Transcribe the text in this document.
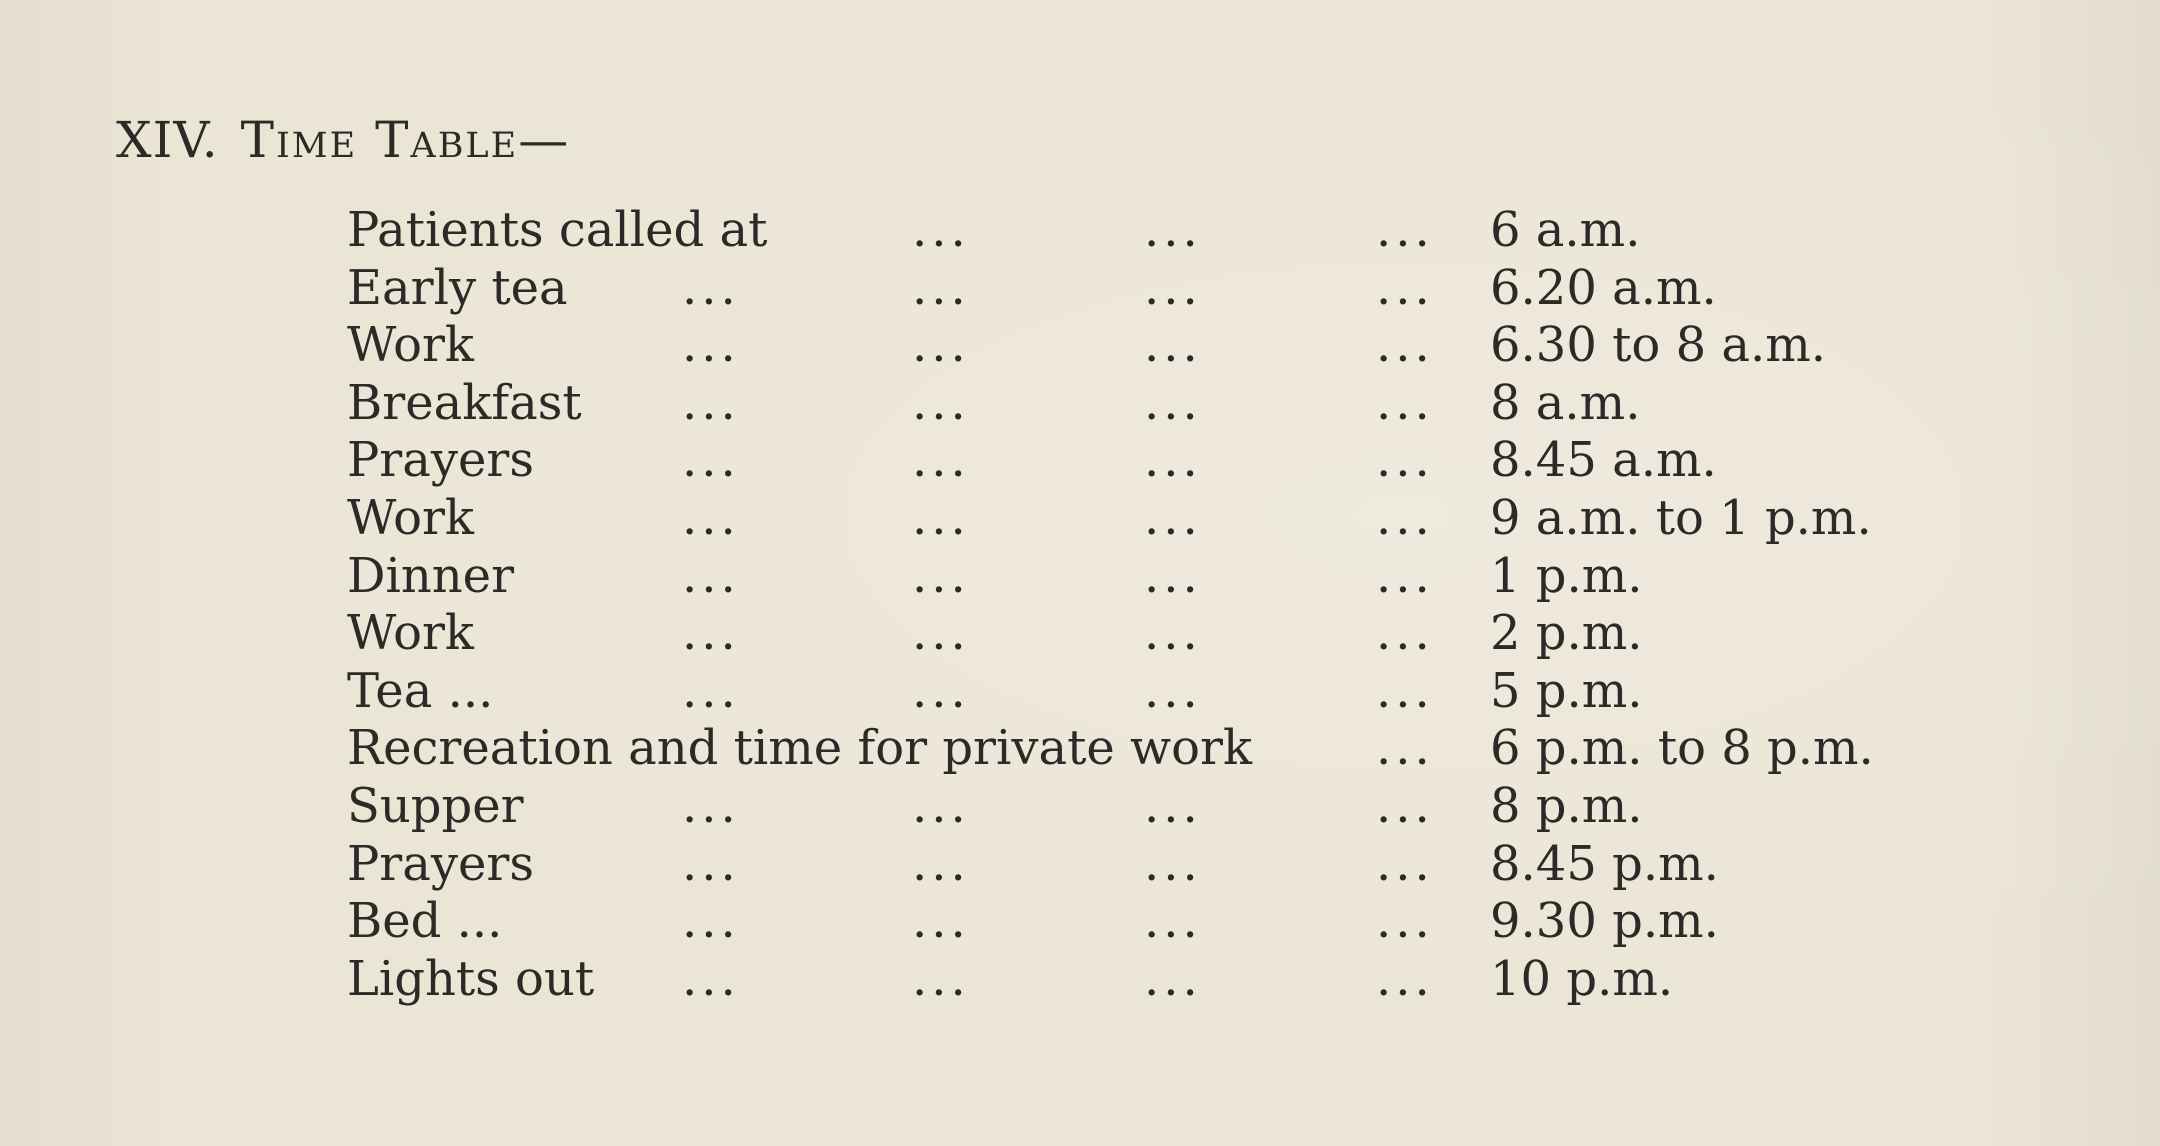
XIV. Time Table—
Patients called at	...	...	... 6 a.m.
Early tea ...	...	...	... 6.20 a.m.
Work	...	...	...	... 6.30 to 8 a.m.
Breakfast ...	...	...	... 8 a.m.
Prayers	...	...	...	... 8.45 a.m.
Work	...	...	...	... 9 a.m. to 1 p.m.
Dinner	...	...	...	... 1 p.m.
Work	...	...	...	... 2 p.m.
Tea ...	...	...	...	... 5 p.m.
Recreation and time for private work	... 6 p.m. to 8 p.m.
Supper	...	...	...	... 8 p.m.
Prayers	...	...	...	... 8.45 p.m.
Bed ...	...	...	...	... 9.30 p.m.
Lights out ...	...	...	... 10 p.m.
